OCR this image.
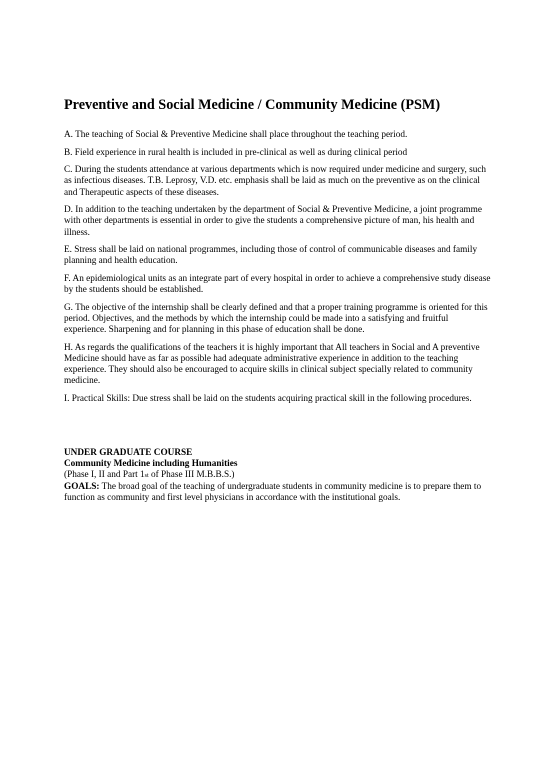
Preventive and Social Medicine / Community Medicine (PSM)

A. The teaching of Social & Preventive Medicine shall place throughout the teaching period.

B. Field experience in rural health is included in pre-clinical as well as during clinical period

C. During the students attendance at various departments which is now required under medicine and surgery, such as infectious diseases. T.B. Leprosy, V.D. etc. emphasis shall be laid as much on the preventive as on the clinical and Therapeutic aspects of these diseases.

D. In addition to the teaching undertaken by the department of Social & Preventive Medicine, a joint programme with other departments is essential in order to give the students a comprehensive picture of man, his health and illness.

E. Stress shall be laid on national programmes, including those of control of communicable diseases and family planning and health education.

F. An epidemiological units as an integrate part of every hospital in order to achieve a comprehensive study disease by the students should be established.

G. The objective of the internship shall be clearly defined and that a proper training programme is oriented for this period. Objectives, and the methods by which the internship could be made into a satisfying and fruitful experience. Sharpening and for planning in this phase of education shall be done.

H. As regards the qualifications of the teachers it is highly important that All teachers in Social and A preventive Medicine should have as far as possible had adequate administrative experience in addition to the teaching experience. They should also be encouraged to acquire skills in clinical subject specially related to community medicine.

I. Practical Skills: Due stress shall be laid on the students acquiring practical skill in the following procedures.

UNDER GRADUATE COURSE

Community Medicine including Humanities

(Phase I, II and Part 1st of Phase III M.B.B.S.)

GOALS: The broad goal of the teaching of undergraduate students in community medicine is to prepare them to function as community and first level physicians in accordance with the institutional goals.
